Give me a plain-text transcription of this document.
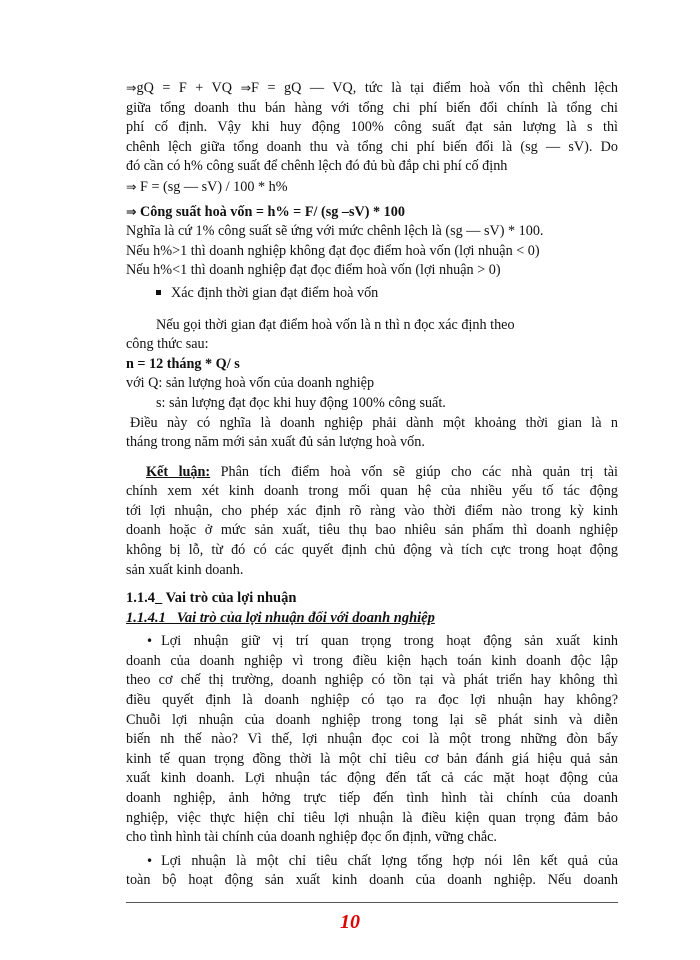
⇒gQ = F + VQ ⇒F = gQ — VQ, tức là tại điểm hoà vốn thì chênh lệch
giữa tổng doanh thu bán hàng với tổng chi phí biến đổi chính là tổng chi
phí cố định. Vậy khi huy động 100% công suất đạt sản lượng là s thì
chênh lệch giữa tổng doanh thu và tổng chi phí biến đổi là (sg — sV). Do
đó cần có h% công suất để chênh lệch đó đủ bù đắp chi phí cố định
⇒ F = (sg — sV) / 100 * h%
⇒ Công suất hoà vốn = h% = F/ (sg –sV) * 100
Nghĩa là cứ 1% công suất sẽ ứng với mức chênh lệch là (sg — sV) * 100.
Nếu h%>1 thì doanh nghiệp không đạt đọc điểm hoà vốn (lợi nhuận < 0)
Nếu h%<1 thì doanh nghiệp đạt đọc điểm hoà vốn (lợi nhuận > 0)
Xác định thời gian đạt điểm hoà vốn
Nếu gọi thời gian đạt điểm hoà vốn là n thì n đọc xác định theo
công thức sau:
n = 12 tháng * Q/ s
với Q: sản lượng hoà vốn của doanh nghiệp
s: sản lượng đạt đọc khi huy động 100% công suất.
Điều này có nghĩa là doanh nghiệp phải dành một khoảng thời gian là n
tháng trong năm mới sản xuất đủ sản lượng hoà vốn.
Kết luận: Phân tích điểm hoà vốn sẽ giúp cho các nhà quản trị tài
chính xem xét kinh doanh trong mối quan hệ của nhiều yếu tố tác động
tới lợi nhuận, cho phép xác định rõ ràng vào thời điểm nào trong kỳ kinh
doanh hoặc ở mức sản xuất, tiêu thụ bao nhiêu sản phẩm thì doanh nghiệp
không bị lỗ, từ đó có các quyết định chủ động và tích cực trong hoạt động
sản xuất kinh doanh.
1.1.4_ Vai trò của lợi nhuận
1.1.4.1_ Vai trò của lợi nhuận đối với doanh nghiệp
• Lợi nhuận giữ vị trí quan trọng trong hoạt động sản xuất kinh
doanh của doanh nghiệp vì trong điều kiện hạch toán kinh doanh độc lập
theo cơ chế thị trường, doanh nghiệp có tồn tại và phát triển hay không thì
điều quyết định là doanh nghiệp có tạo ra đọc lợi nhuận hay không?
Chuỗi lợi nhuận của doanh nghiệp trong tong lại sẽ phát sinh và diễn
biến nh thế nào? Vì thế, lợi nhuận đọc coi là một trong những đòn bẩy
kinh tế quan trọng đồng thời là một chỉ tiêu cơ bản đánh giá hiệu quả sản
xuất kinh doanh. Lợi nhuận tác động đến tất cả các mặt hoạt động của
doanh nghiệp, ảnh hởng trực tiếp đến tình hình tài chính của doanh
nghiệp, việc thực hiện chỉ tiêu lợi nhuận là điều kiện quan trọng đảm bảo
cho tình hình tài chính của doanh nghiệp đọc ổn định, vững chắc.
• Lợi nhuận là một chỉ tiêu chất lợng tổng hợp nói lên kết quả của
toàn bộ hoạt động sản xuất kinh doanh của doanh nghiệp. Nếu doanh
10
